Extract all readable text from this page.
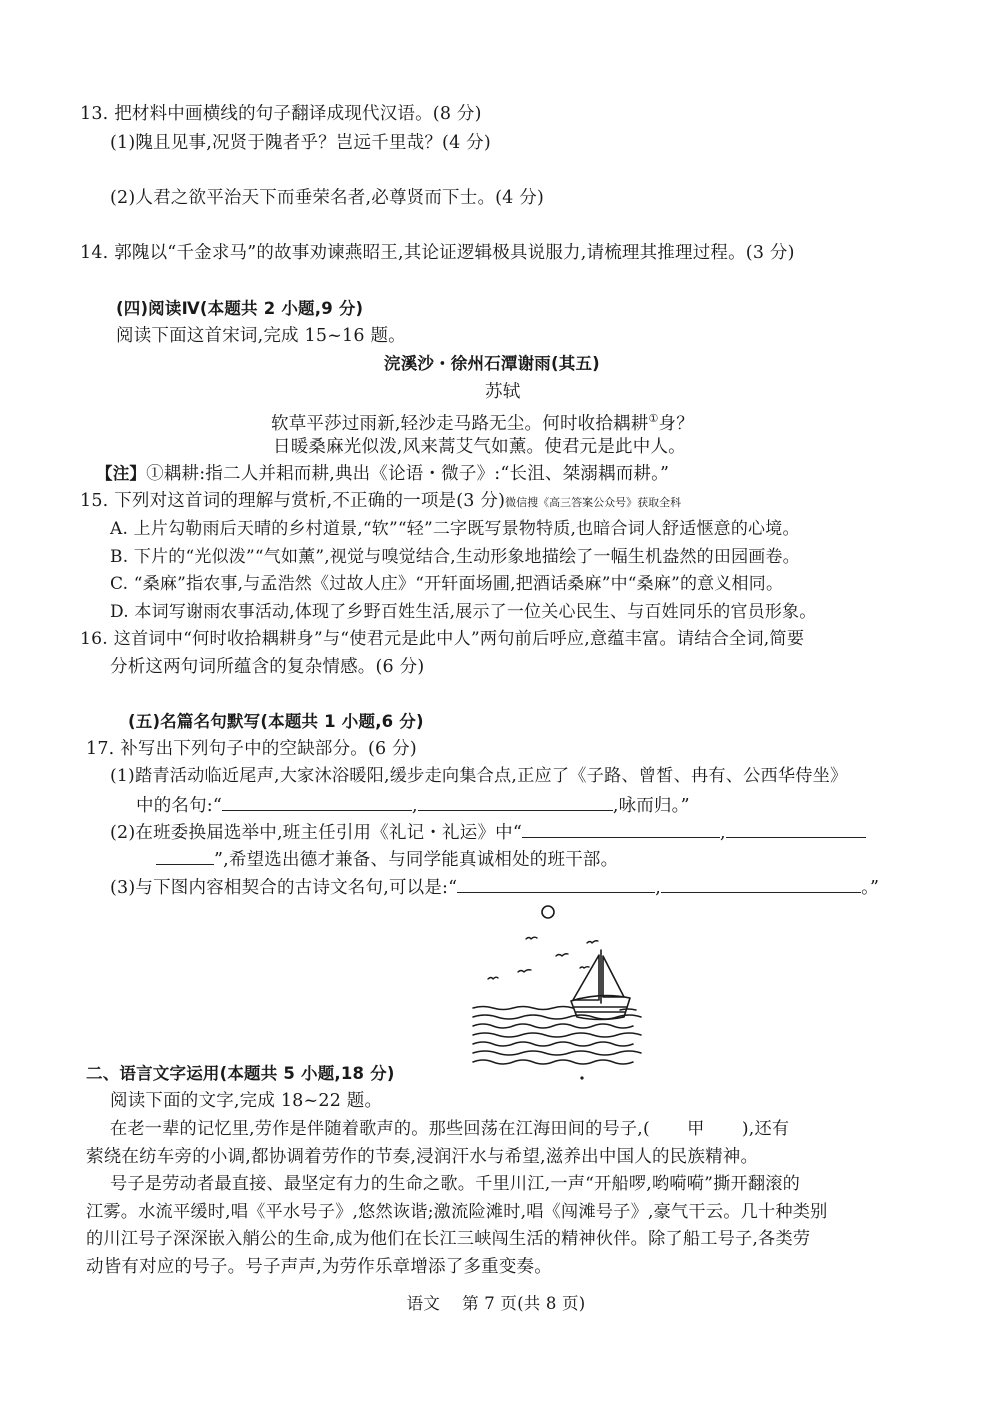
13. 把材料中画横线的句子翻译成现代汉语。(8 分)
(1)隗且见事,况贤于隗者乎？岂远千里哉？(4 分)
(2)人君之欲平治天下而垂荣名者,必尊贤而下士。(4 分)
14. 郭隗以“千金求马”的故事劝谏燕昭王,其论证逻辑极具说服力,请梳理其推理过程。(3 分)
(四)阅读Ⅳ(本题共 2 小题,9 分)
阅读下面这首宋词,完成 15~16 题。
浣溪沙・徐州石潭谢雨(其五)
苏轼
软草平莎过雨新,轻沙走马路无尘。何时收拾耦耕①身？
日暖桑麻光似泼,风来蒿艾气如薰。使君元是此中人。
【注】①耦耕:指二人并耜而耕,典出《论语・微子》:“长沮、桀溺耦而耕。”
15. 下列对这首词的理解与赏析,不正确的一项是(3 分)微信搜《高三答案公众号》获取全科
A. 上片勾勒雨后天晴的乡村道景,“软”“轻”二字既写景物特质,也暗合词人舒适惬意的心境。
B. 下片的“光似泼”“气如薰”,视觉与嗅觉结合,生动形象地描绘了一幅生机盎然的田园画卷。
C. “桑麻”指农事,与孟浩然《过故人庄》“开轩面场圃,把酒话桑麻”中“桑麻”的意义相同。
D. 本词写谢雨农事活动,体现了乡野百姓生活,展示了一位关心民生、与百姓同乐的官员形象。
16. 这首词中“何时收拾耦耕身”与“使君元是此中人”两句前后呼应,意蕴丰富。请结合全词,简要
分析这两句词所蕴含的复杂情感。(6 分)
(五)名篇名句默写(本题共 1 小题,6 分)
17. 补写出下列句子中的空缺部分。(6 分)
(1)踏青活动临近尾声,大家沐浴暖阳,缓步走向集合点,正应了《子路、曾皙、冉有、公西华侍坐》
中的名句:“	,	,咏而归。”
(2)在班委换届选举中,班主任引用《礼记・礼运》中“	,
”,希望选出德才兼备、与同学能真诚相处的班干部。
(3)与下图内容相契合的古诗文名句,可以是:“	,	。”
二、语言文字运用(本题共 5 小题,18 分)
阅读下面的文字,完成 18~22 题。
在老一辈的记忆里,劳作是伴随着歌声的。那些回荡在江海田间的号子,( 甲 ),还有
萦绕在纺车旁的小调,都协调着劳作的节奏,浸润汗水与希望,滋养出中国人的民族精神。
号子是劳动者最直接、最坚定有力的生命之歌。千里川江,一声“开船啰,哟嗬嗬”撕开翻滚的
江雾。水流平缓时,唱《平水号子》,悠然诙谐;激流险滩时,唱《闯滩号子》,豪气干云。几十种类别
的川江号子深深嵌入艄公的生命,成为他们在长江三峡闯生活的精神伙伴。除了船工号子,各类劳
动皆有对应的号子。号子声声,为劳作乐章增添了多重变奏。
语文 第 7 页(共 8 页)
